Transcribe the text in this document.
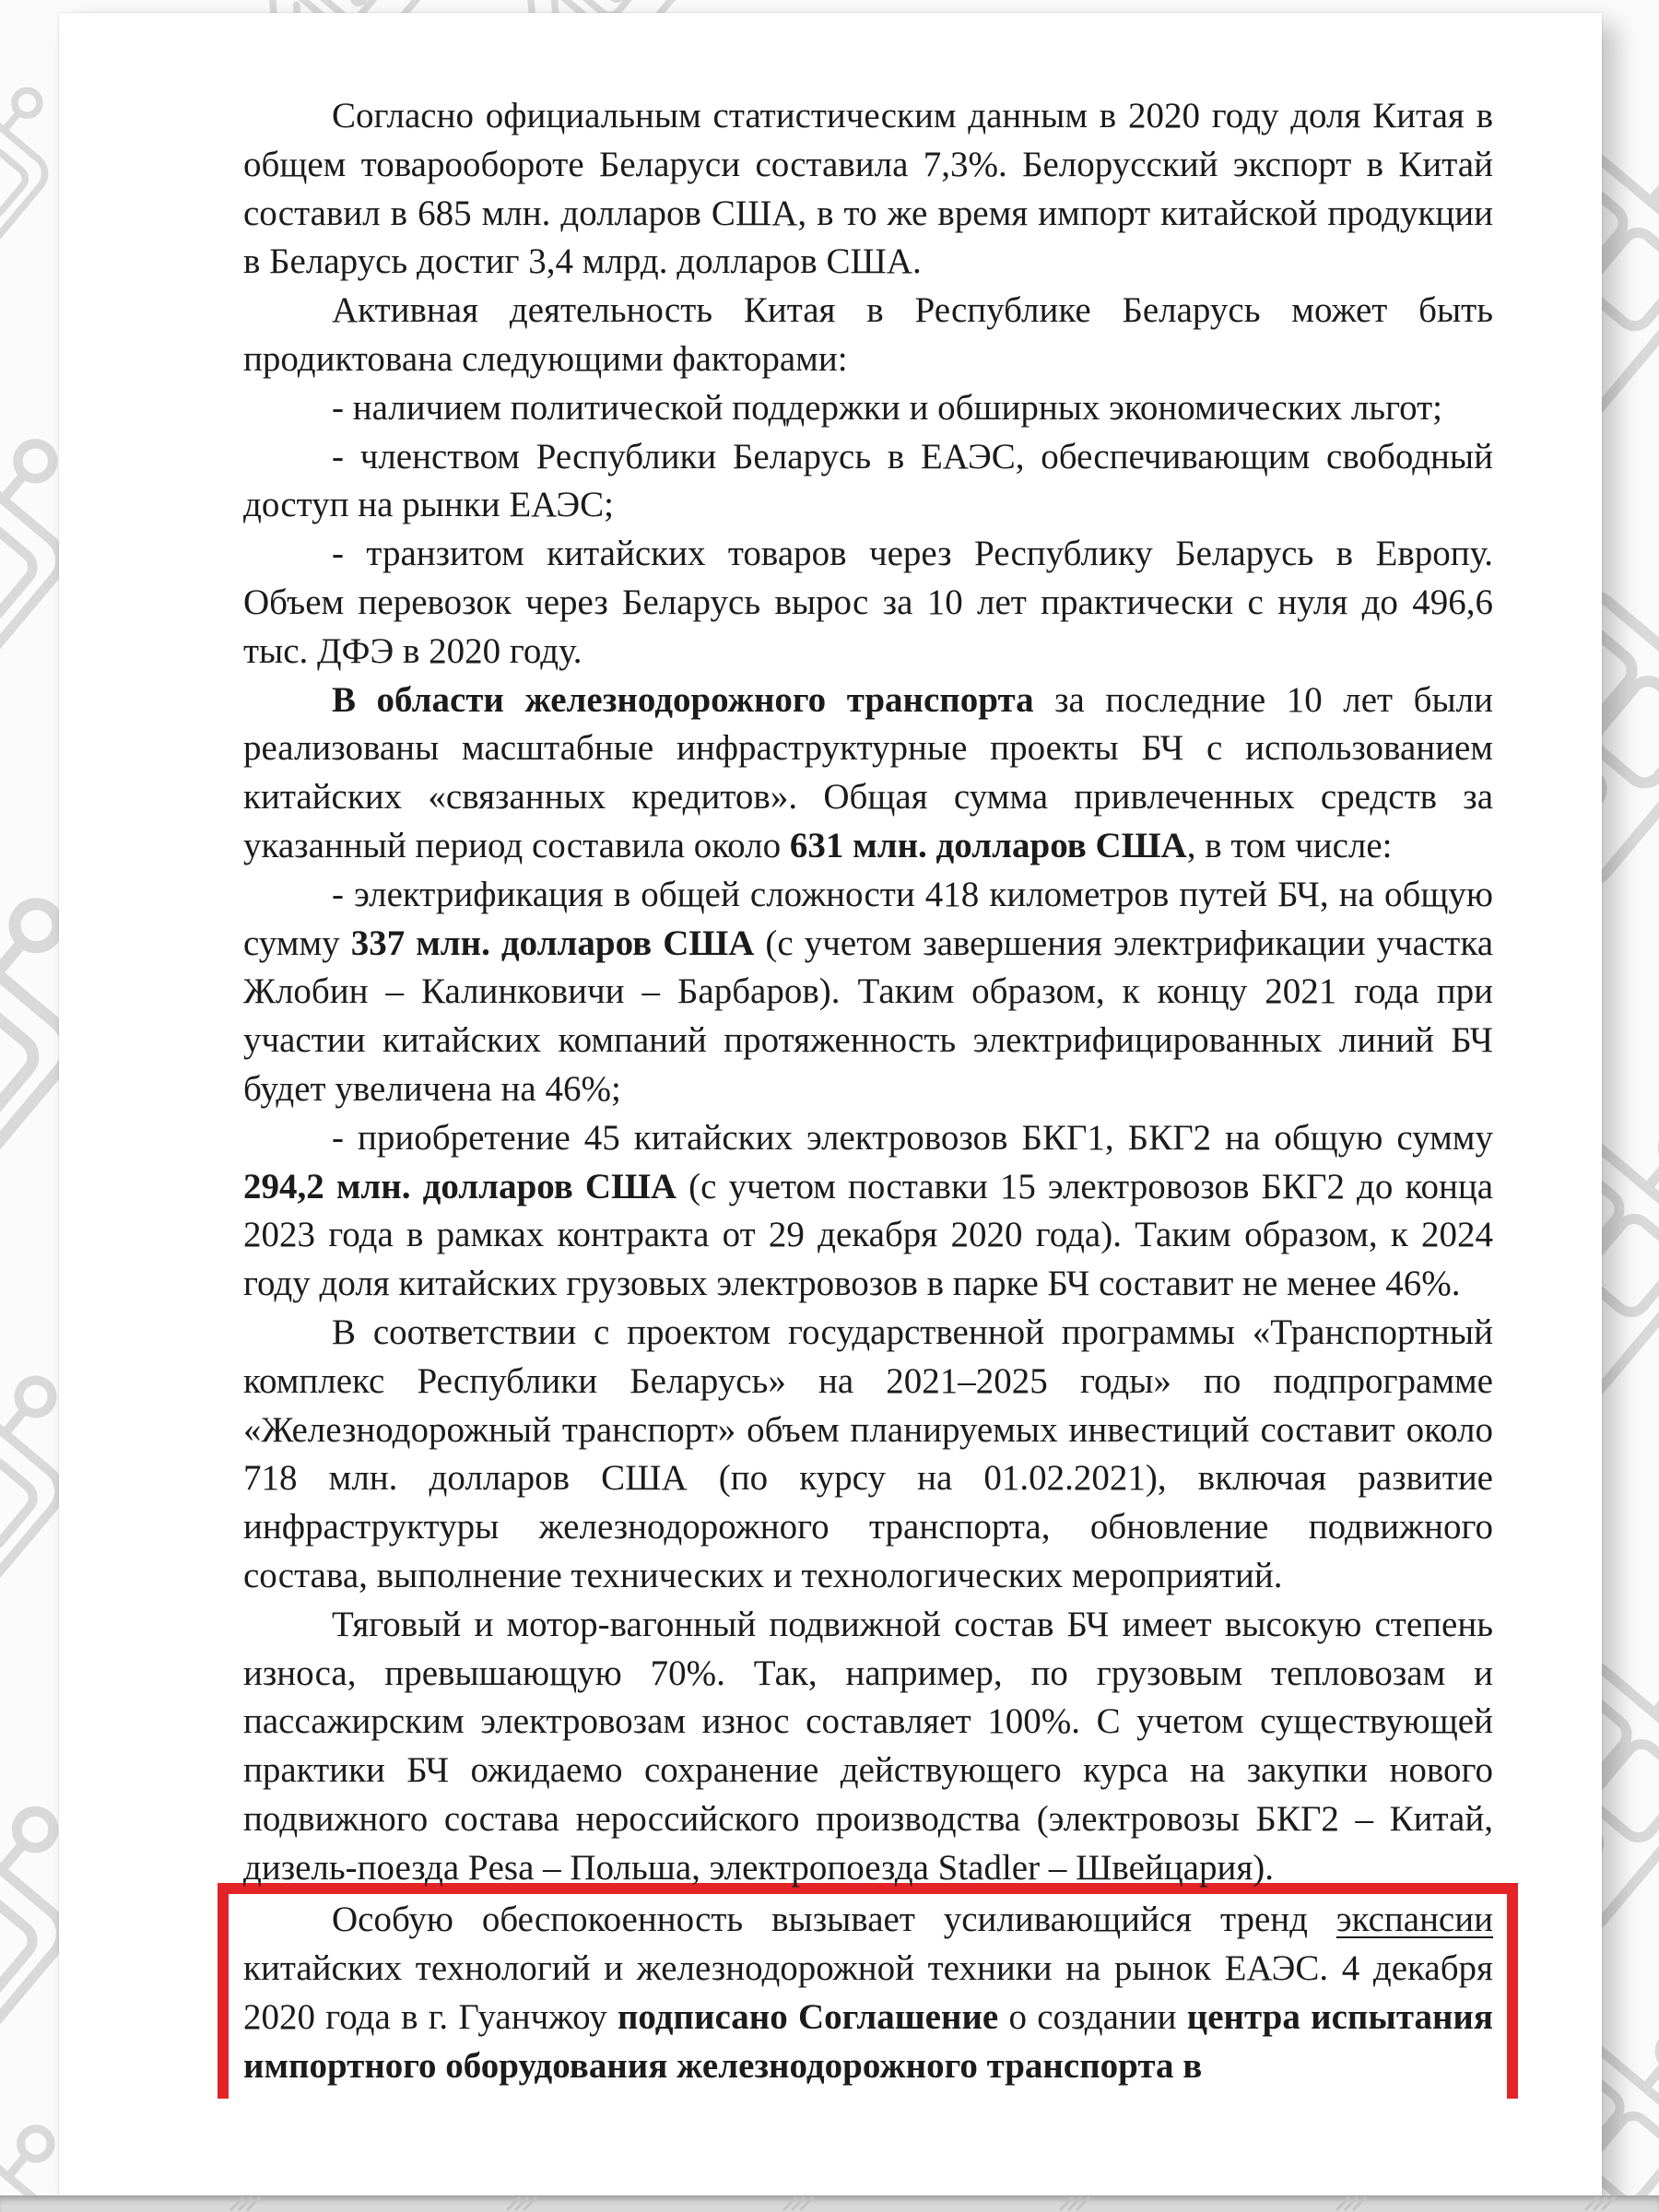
Согласно официальным статистическим данным в 2020 году доля Китая в общем товарообороте Беларуси составила 7,3%. Белорусский экспорт в Китай составил в 685 млн. долларов США, в то же время импорт китайской продукции в Беларусь достиг 3,4 млрд. долларов США.

Активная деятельность Китая в Республике Беларусь может быть продиктована следующими факторами:

- наличием политической поддержки и обширных экономических льгот;

- членством Республики Беларусь в ЕАЭС, обеспечивающим свободный доступ на рынки ЕАЭС;

- транзитом китайских товаров через Республику Беларусь в Европу. Объем перевозок через Беларусь вырос за 10 лет практически с нуля до 496,6 тыс. ДФЭ в 2020 году.

В области железнодорожного транспорта за последние 10 лет были реализованы масштабные инфраструктурные проекты БЧ с использованием китайских «связанных кредитов». Общая сумма привлеченных средств за указанный период составила около 631 млн. долларов США, в том числе:

- электрификация в общей сложности 418 километров путей БЧ, на общую сумму 337 млн. долларов США (с учетом завершения электрификации участка Жлобин – Калинковичи – Барбаров). Таким образом, к концу 2021 года при участии китайских компаний протяженность электрифицированных линий БЧ будет увеличена на 46%;

- приобретение 45 китайских электровозов БКГ1, БКГ2 на общую сумму 294,2 млн. долларов США (с учетом поставки 15 электровозов БКГ2 до конца 2023 года в рамках контракта от 29 декабря 2020 года). Таким образом, к 2024 году доля китайских грузовых электровозов в парке БЧ составит не менее 46%.

В соответствии с проектом государственной программы «Транспортный комплекс Республики Беларусь» на 2021–2025 годы» по подпрограмме «Железнодорожный транспорт» объем планируемых инвестиций составит около 718 млн. долларов США (по курсу на 01.02.2021), включая развитие инфраструктуры железнодорожного транспорта, обновление подвижного состава, выполнение технических и технологических мероприятий.

Тяговый и мотор-вагонный подвижной состав БЧ имеет высокую степень износа, превышающую 70%. Так, например, по грузовым тепловозам и пассажирским электровозам износ составляет 100%. С учетом существующей практики БЧ ожидаемо сохранение действующего курса на закупки нового подвижного состава нероссийского производства (электровозы БКГ2 – Китай, дизель-поезда Pesa – Польша, электропоезда Stadler – Швейцария).

Особую обеспокоенность вызывает усиливающийся тренд экспансии китайских технологий и железнодорожной техники на рынок ЕАЭС. 4 декабря 2020 года в г. Гуанчжоу подписано Соглашение о создании центра испытания импортного оборудования железнодорожного транспорта в
